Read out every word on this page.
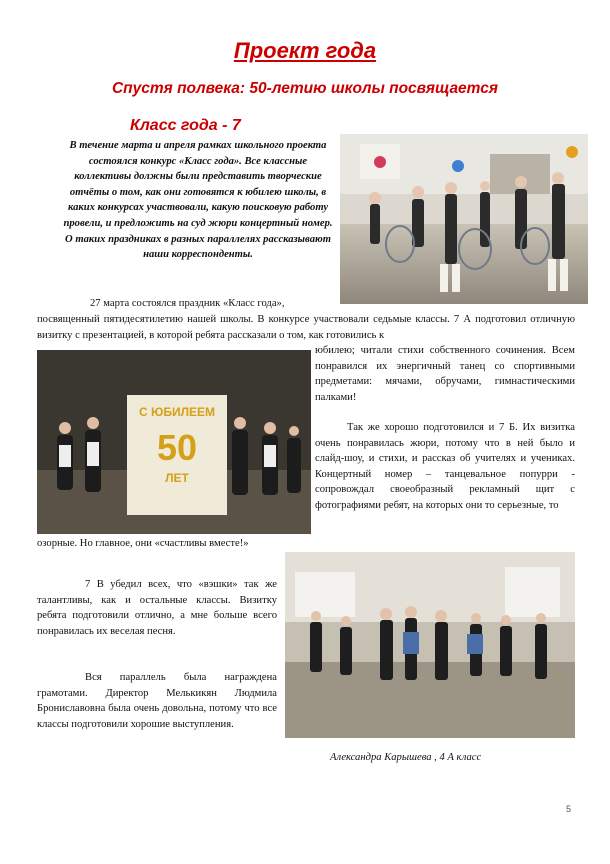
Проект года
Спустя полвека: 50-летию школы посвящается
Класс года - 7
В течение марта и апреля рамках школьного проекта состоялся конкурс «Класс года». Все классные коллективы должны были представить творческие отчёты о том, как они готовятся к юбилею школы, в каких конкурсах участвовали, какую поисковую работу провели, и предложить на суд жюри концертный номер. О таких праздниках в разных параллелях рассказывают наши корреспонденты.
27 марта состоялся праздник «Класс года»,
посвященный пятидесятилетию нашей школы. В конкурсе участвовали седьмые классы. 7 А подготовил отличную визитку с презентацией, в которой ребята рассказали о том, как готовились к
юбилею; читали стихи собственного сочинения. Всем понравился их энергичный танец со спортивными предметами: мячами, обручами, гимнастическими палками!
С ЮБИЛЕЕМ
50
ЛЕТ
Так же хорошо подготовился и 7 Б. Их визитка очень понравилась жюри, потому что в ней было и слайд-шоу, и стихи, и рассказ об учителях и учениках. Концертный номер – танцевальное попурри - сопровождал своеобразный рекламный щит с фотографиями ребят, на которых они то серьезные, то
озорные. Но главное, они «счастливы вместе!»
7 В убедил всех, что «вэшки» так же талантливы, как и остальные классы. Визитку ребята подготовили отлично, а мне больше всего понравилась их веселая песня.
Вся параллель была награждена грамотами. Директор Мелькикян Людмила Брониславовна была очень довольна, потому что все классы подготовили хорошие выступления.
Александра Карышева , 4 А класс
5
